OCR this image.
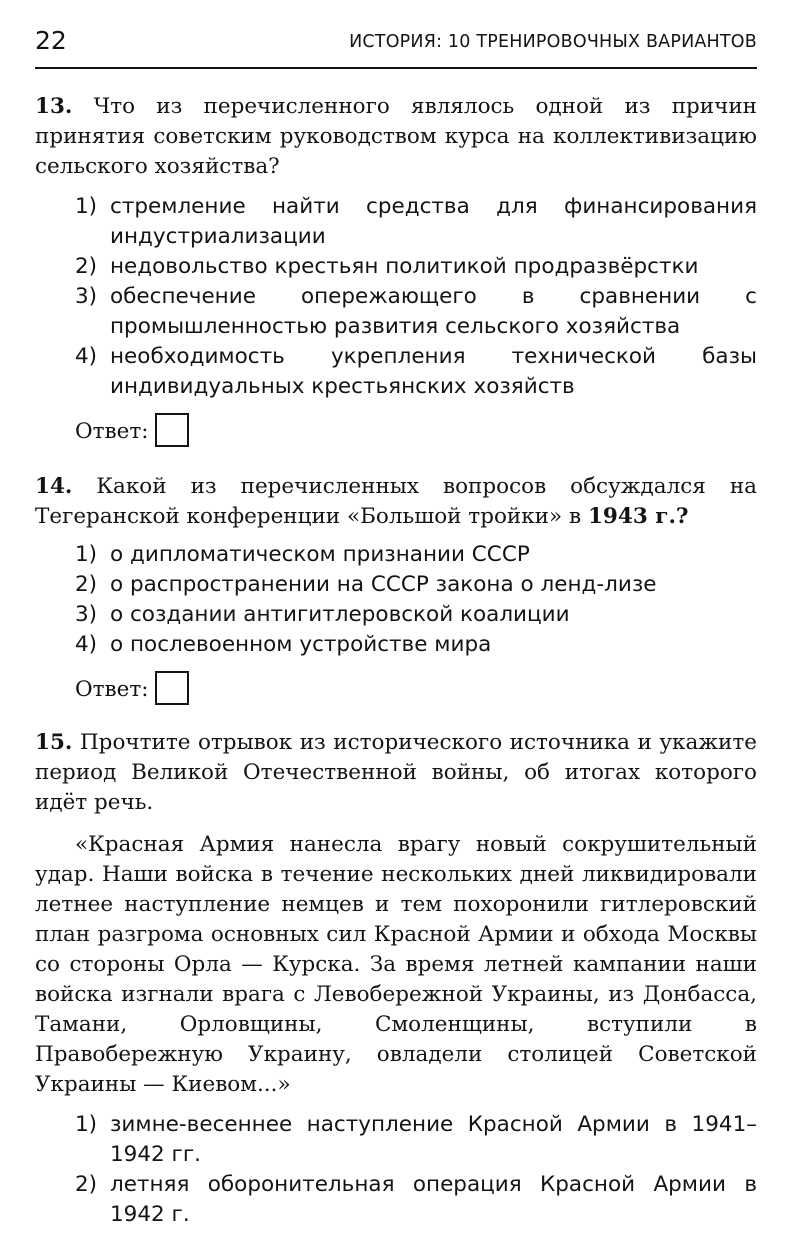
22	ИСТОРИЯ: 10 ТРЕНИРОВОЧНЫХ ВАРИАНТОВ

13. Что из перечисленного являлось одной из причин принятия советским руководством курса на коллективизацию сельского хозяйства?

1) стремление найти средства для финансирования индустриализации

2) недовольство крестьян политикой продразвёрстки

3) обеспечение опережающего в сравнении с промышленностью развития сельского хозяйства

4) необходимость укрепления технической базы индивидуальных крестьянских хозяйств

Ответ:

14. Какой из перечисленных вопросов обсуждался на Тегеранской конференции «Большой тройки» в 1943 г.?

1) о дипломатическом признании СССР

2) о распространении на СССР закона о ленд-лизе

3) о создании антигитлеровской коалиции

4) о послевоенном устройстве мира

Ответ:

15. Прочтите отрывок из исторического источника и укажите период Великой Отечественной войны, об итогах которого идёт речь.

«Красная Армия нанесла врагу новый сокрушительный удар. Наши войска в течение нескольких дней ликвидировали летнее наступление немцев и тем похоронили гитлеровский план разгрома основных сил Красной Армии и обхода Москвы со стороны Орла — Курска. За время летней кампании наши войска изгнали врага с Левобережной Украины, из Донбасса, Тамани, Орловщины, Смоленщины, вступили в Правобережную Украину, овладели столицей Советской Украины — Киевом...»

1) зимне-весеннее наступление Красной Армии в 1941–1942 гг.

2) летняя оборонительная операция Красной Армии в 1942 г.
